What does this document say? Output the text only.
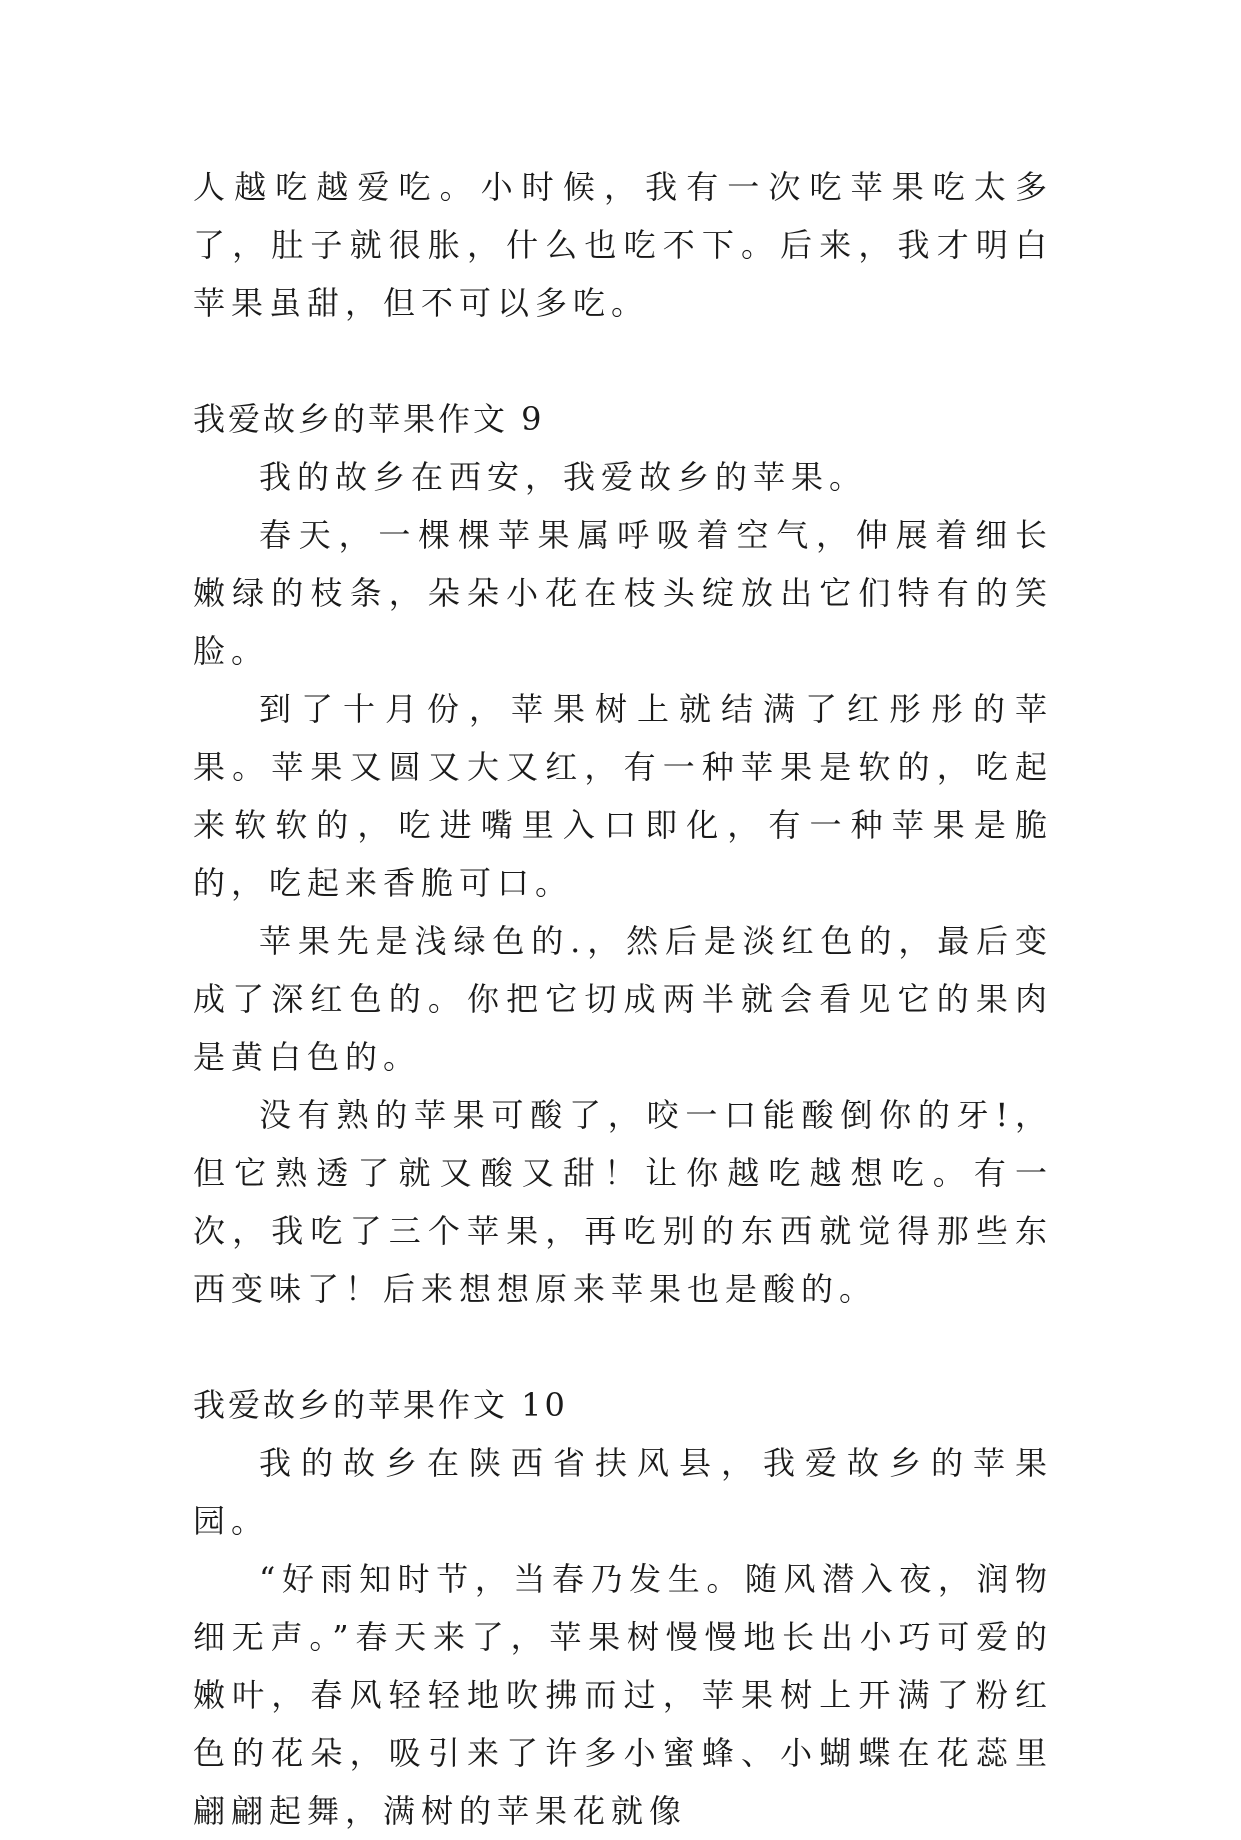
人越吃越爱吃。小时候，我有一次吃苹果吃太多了，肚子就很胀，什么也吃不下。后来，我才明白苹果虽甜，但不可以多吃。

我爱故乡的苹果作文 9

我的故乡在西安，我爱故乡的苹果。

春天，一棵棵苹果属呼吸着空气，伸展着细长嫩绿的枝条，朵朵小花在枝头绽放出它们特有的笑脸。

到了十月份，苹果树上就结满了红彤彤的苹果。苹果又圆又大又红，有一种苹果是软的，吃起来软软的，吃进嘴里入口即化，有一种苹果是脆的，吃起来香脆可口。

苹果先是浅绿色的.，然后是淡红色的，最后变成了深红色的。你把它切成两半就会看见它的果肉是黄白色的。

没有熟的苹果可酸了，咬一口能酸倒你的牙!，但它熟透了就又酸又甜！让你越吃越想吃。有一次，我吃了三个苹果，再吃别的东西就觉得那些东西变味了！后来想想原来苹果也是酸的。

我爱故乡的苹果作文 10

我的故乡在陕西省扶风县，我爱故乡的苹果园。

“好雨知时节，当春乃发生。随风潜入夜，润物细无声。”春天来了，苹果树慢慢地长出小巧可爱的嫩叶，春风轻轻地吹拂而过，苹果树上开满了粉红色的花朵，吸引来了许多小蜜蜂、小蝴蝶在花蕊里翩翩起舞，满树的苹果花就像
